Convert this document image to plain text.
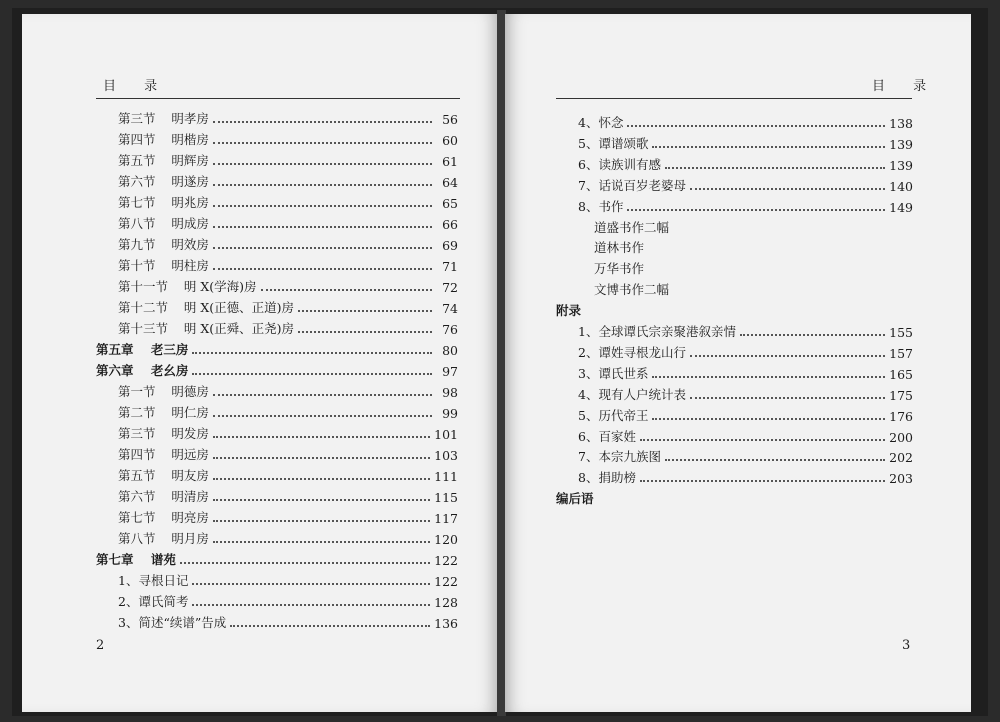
目 录
第三节    明孝房	56
第四节    明楷房	60
第五节    明辉房	61
第六节    明遂房	64
第七节    明兆房	65
第八节    明成房	66
第九节    明效房	69
第十节    明柱房	71
第十一节    明 X(学海)房	72
第十二节    明 X(正德、正道)房	74
第十三节    明 X(正舜、正尧)房	76
第五章    老三房	80
第六章    老幺房	97
第一节    明德房	98
第二节    明仁房	99
第三节    明发房	101
第四节    明远房	103
第五节    明友房	111
第六节    明清房	115
第七节    明亮房	117
第八节    明月房	120
第七章    谱苑	122
1、寻根日记	122
2、谭氏简考	128
3、简述“续谱”告成	136
2
目 录
4、怀念	138
5、谭谱颂歌	139
6、读族训有感	139
7、话说百岁老婆母	140
8、书作	149
道盛书作二幅
道林书作
万华书作
文博书作二幅
附录
1、全球谭氏宗亲聚港叙亲情	155
2、谭姓寻根龙山行	157
3、谭氏世系	165
4、现有人户统计表	175
5、历代帝王	176
6、百家姓	200
7、本宗九族图	202
8、捐助榜	203
编后语
3
